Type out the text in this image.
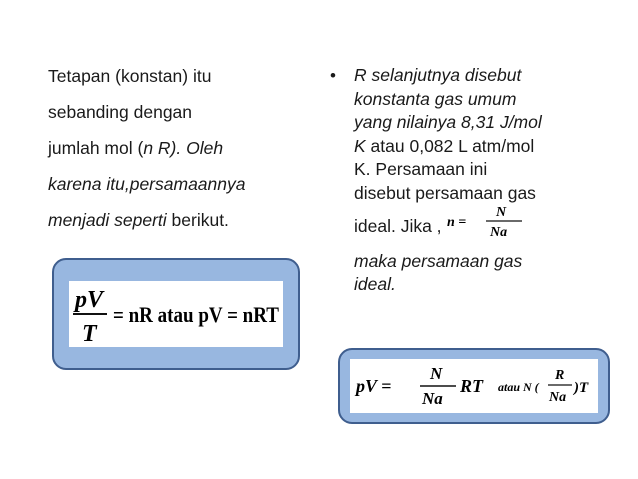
Tetapan (konstan) itu
sebanding dengan
jumlah mol (n R). Oleh
karena itu,persamaannya
menjadi seperti berikut.
pV
T
= nR atau pV = nRT
• R selanjutnya disebut
konstanta gas umum
yang nilainya 8,31 J/mol
K atau 0,082 L atm/mol
K. Persamaan ini
disebut persamaan gas
ideal. Jika , n =
N
Na
maka persamaan gas
ideal.
pV =
N
Na
RT atau N (
R
Na
)T
